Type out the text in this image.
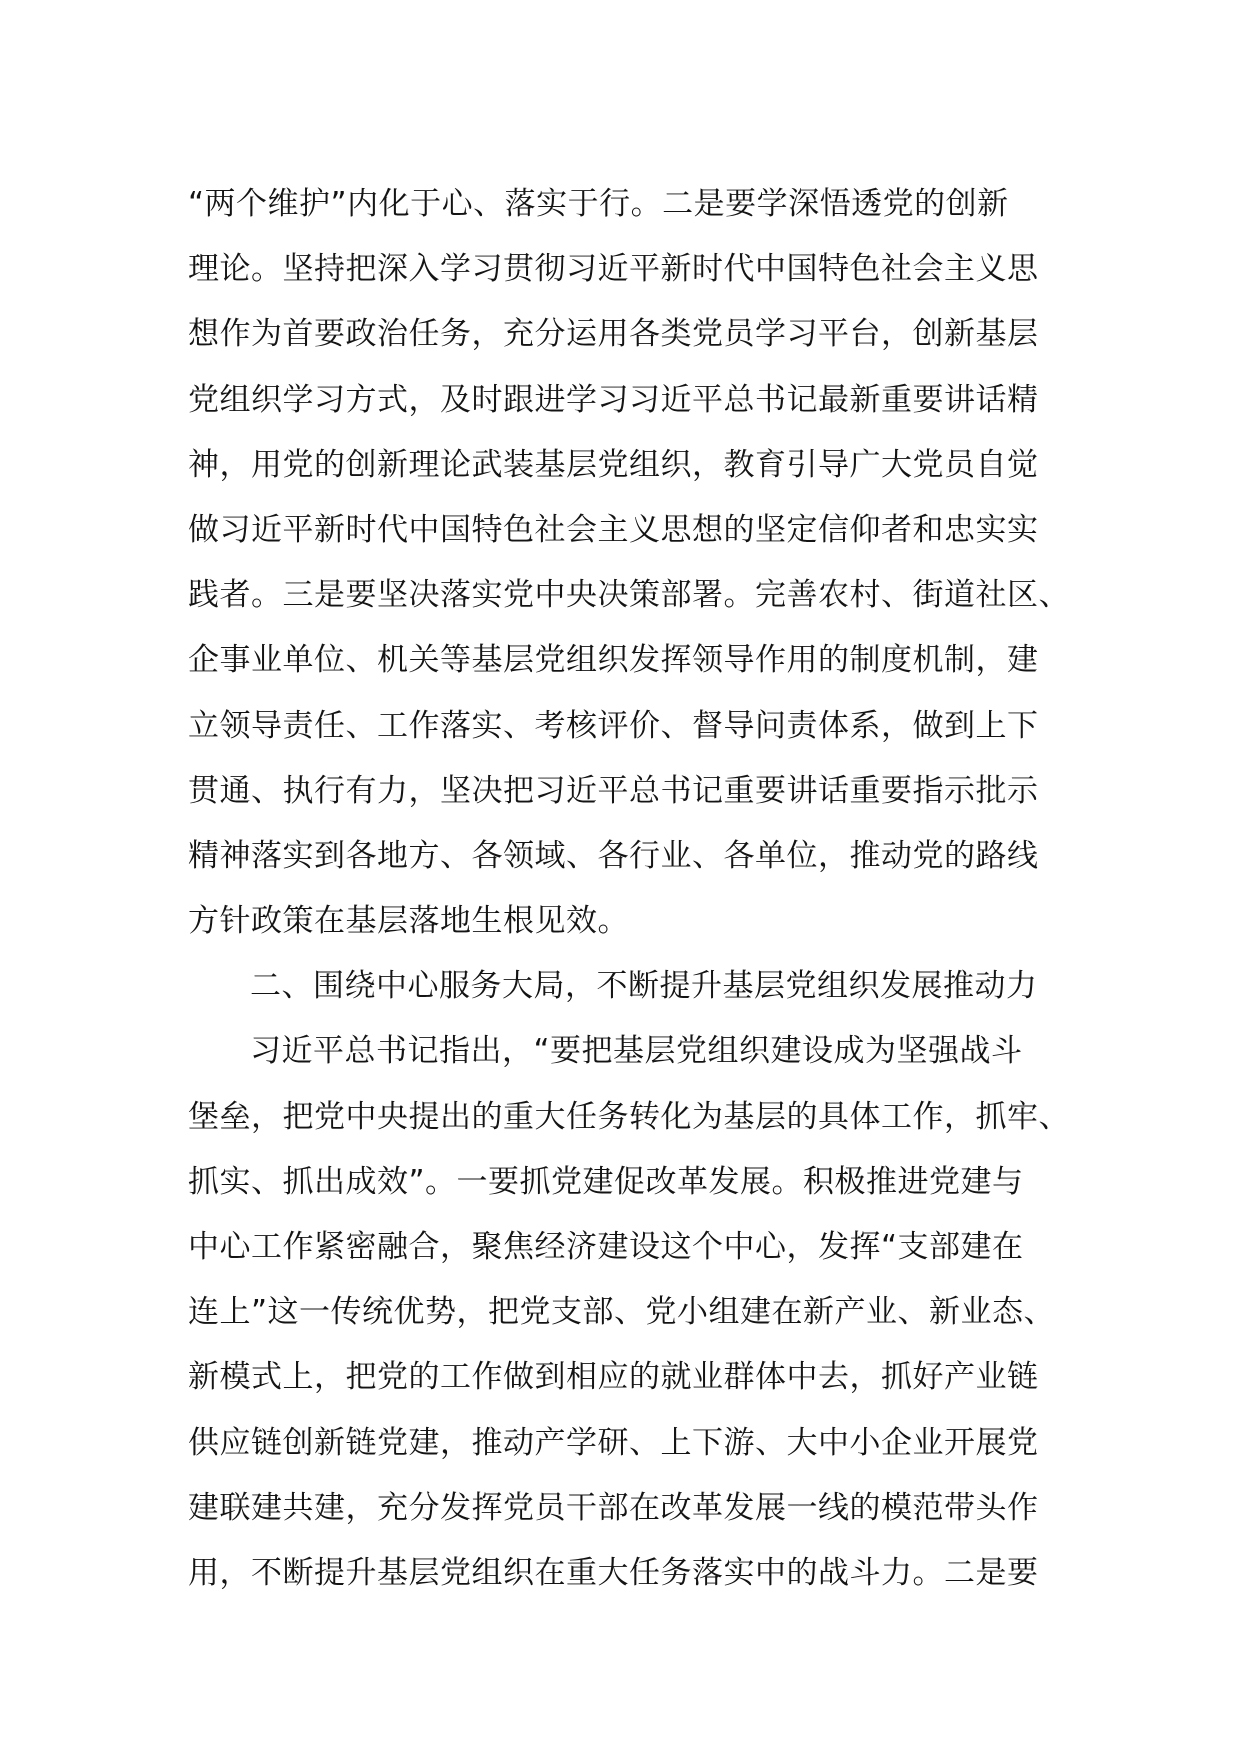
“两个维护”内化于心、落实于行。二是要学深悟透党的创新
理论。坚持把深入学习贯彻习近平新时代中国特色社会主义思
想作为首要政治任务，充分运用各类党员学习平台，创新基层
党组织学习方式，及时跟进学习习近平总书记最新重要讲话精
神，用党的创新理论武装基层党组织，教育引导广大党员自觉
做习近平新时代中国特色社会主义思想的坚定信仰者和忠实实
践者。三是要坚决落实党中央决策部署。完善农村、街道社区、
企事业单位、机关等基层党组织发挥领导作用的制度机制，建
立领导责任、工作落实、考核评价、督导问责体系，做到上下
贯通、执行有力，坚决把习近平总书记重要讲话重要指示批示
精神落实到各地方、各领域、各行业、各单位，推动党的路线
方针政策在基层落地生根见效。
二、围绕中心服务大局，不断提升基层党组织发展推动力
习近平总书记指出，“要把基层党组织建设成为坚强战斗
堡垒，把党中央提出的重大任务转化为基层的具体工作，抓牢、
抓实、抓出成效”。一要抓党建促改革发展。积极推进党建与
中心工作紧密融合，聚焦经济建设这个中心，发挥“支部建在
连上”这一传统优势，把党支部、党小组建在新产业、新业态、
新模式上，把党的工作做到相应的就业群体中去，抓好产业链
供应链创新链党建，推动产学研、上下游、大中小企业开展党
建联建共建，充分发挥党员干部在改革发展一线的模范带头作
用，不断提升基层党组织在重大任务落实中的战斗力。二是要
